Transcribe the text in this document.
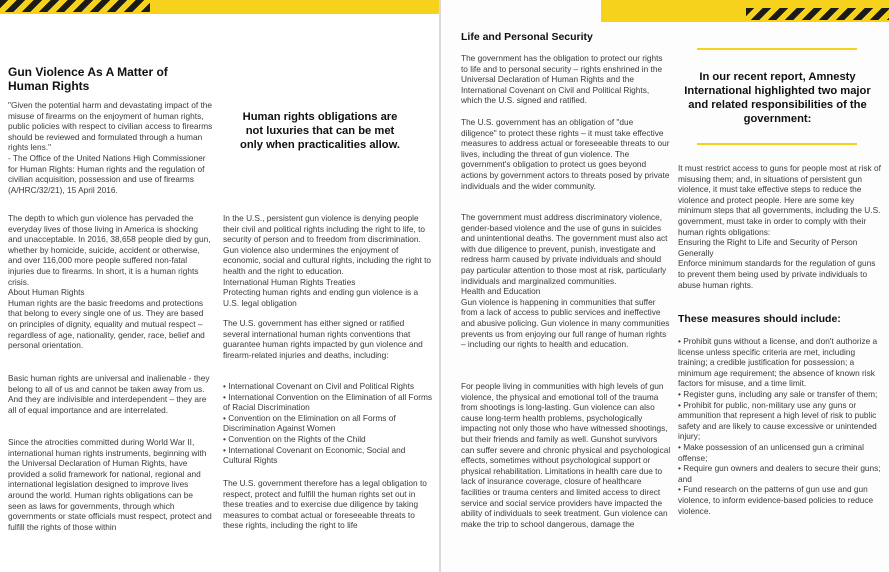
Gun Violence As A Matter of Human Rights
"Given the potential harm and devastating impact of the misuse of firearms on the enjoyment of human rights, public policies with respect to civilian access to firearms should be reviewed and formulated through a human rights lens."
- The Office of the United Nations High Commissioner for Human Rights: Human rights and the regulation of civilian acquisition, possession and use of firearms (A/HRC/32/21), 15 April 2016.
The depth to which gun violence has pervaded the everyday lives of those living in America is shocking and unacceptable. In 2016, 38,658 people died by gun, whether by homicide, suicide, accident or otherwise, and over 116,000 more people suffered non-fatal injuries due to firearms. In short, it is a human rights crisis.
About Human Rights
Human rights are the basic freedoms and protections that belong to every single one of us. They are based on principles of dignity, equality and mutual respect – regardless of age, nationality, gender, race, belief and personal orientation.
Basic human rights are universal and inalienable - they belong to all of us and cannot be taken away from us. And they are indivisible and interdependent – they are all of equal importance and are interrelated.
Since the atrocities committed during World War II, international human rights instruments, beginning with the Universal Declaration of Human Rights, have provided a solid framework for national, regional and international legislation designed to improve lives around the world. Human rights obligations can be seen as laws for governments, through which governments or state officials must respect, protect and fulfill the rights of those within
Human rights obligations are not luxuries that can be met only when practicalities allow.
In the U.S., persistent gun violence is denying people their civil and political rights including the right to life, to security of person and to freedom from discrimination. Gun violence also undermines the enjoyment of economic, social and cultural rights, including the right to health and the right to education.
International Human Rights Treaties
Protecting human rights and ending gun violence is a U.S. legal obligation
The U.S. government has either signed or ratified several international human rights conventions that guarantee human rights impacted by gun violence and firearm-related injuries and deaths, including:
• International Covenant on Civil and Political Rights
• International Convention on the Elimination of all Forms of Racial Discrimination
• Convention on the Elimination on all Forms of Discrimination Against Women
• Convention on the Rights of the Child
• International Covenant on Economic, Social and Cultural Rights
The U.S. government therefore has a legal obligation to respect, protect and fulfill the human rights set out in these treaties and to exercise due diligence by taking measures to combat actual or foreseeable threats to these rights, including the right to life
Life and Personal Security
The government has the obligation to protect our rights to life and to personal security – rights enshrined in the Universal Declaration of Human Rights and the International Covenant on Civil and Political Rights, which the U.S. signed and ratified.
The U.S. government has an obligation of "due diligence" to protect these rights – it must take effective measures to address actual or foreseeable threats to our lives, including the threat of gun violence. The government's obligation to protect us goes beyond actions by government actors to threats posed by private individuals and the wider community.
The government must address discriminatory violence, gender-based violence and the use of guns in suicides and unintentional deaths. The government must also act with due diligence to prevent, punish, investigate and redress harm caused by private individuals and should pay particular attention to those most at risk, particularly individuals and marginalized communities.
Health and Education
Gun violence is happening in communities that suffer from a lack of access to public services and ineffective and abusive policing. Gun violence in many communities prevents us from enjoying our full range of human rights – including our rights to health and education.
For people living in communities with high levels of gun violence, the physical and emotional toll of the trauma from shootings is long-lasting. Gun violence can also cause long-term health problems, psychologically impacting not only those who have witnessed shootings, but their friends and family as well. Gunshot survivors can suffer severe and chronic physical and psychological effects, sometimes without psychological support or physical rehabilitation. Limitations in health care due to lack of insurance coverage, closure of healthcare facilities or trauma centers and limited access to direct service and social service providers have impacted the ability of individuals to seek treatment. Gun violence can make the trip to school dangerous, damage the
In our recent report, Amnesty International highlighted two major and related responsibilities of the government:
It must restrict access to guns for people most at risk of misusing them; and, in situations of persistent gun violence, it must take effective steps to reduce the violence and protect people. Here are some key minimum steps that all governments, including the U.S. government, must take in order to comply with their human rights obligations:
Ensuring the Right to Life and Security of Person Generally
Enforce minimum standards for the regulation of guns to prevent them being used by private individuals to abuse human rights.
These measures should include:
• Prohibit guns without a license, and don't authorize a license unless specific criteria are met, including training; a credible justification for possession; a minimum age requirement; the absence of known risk factors for misuse, and a time limit.
• Register guns, including any sale or transfer of them;
• Prohibit for public, non-military use any guns or ammunition that represent a high level of risk to public safety and are likely to cause excessive or unintended injury;
• Make possession of an unlicensed gun a criminal offense;
• Require gun owners and dealers to secure their guns; and
• Fund research on the patterns of gun use and gun violence, to inform evidence-based policies to reduce violence.
